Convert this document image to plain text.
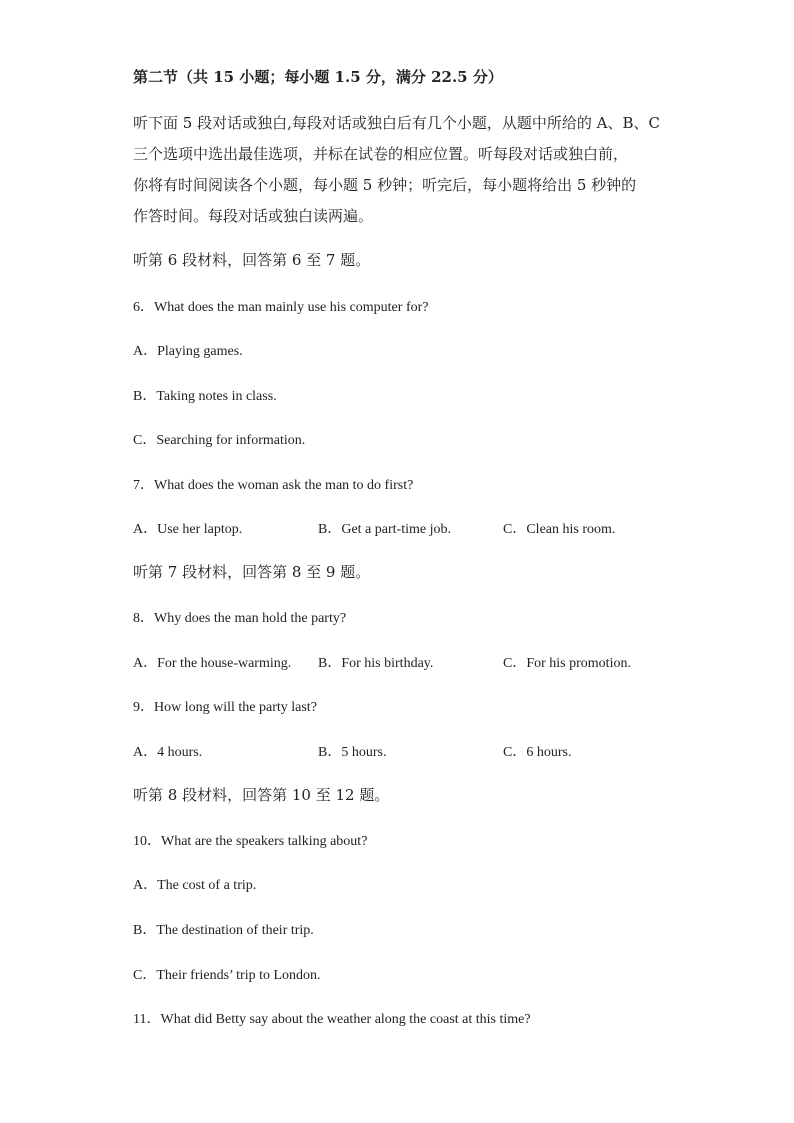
第二节（共 15 小题；每小题 1.5 分，满分 22.5 分）
听下面 5 段对话或独白,每段对话或独白后有几个小题，从题中所给的 A、B、C
三个选项中选出最佳选项，并标在试卷的相应位置。听每段对话或独白前，
你将有时间阅读各个小题，每小题 5 秒钟；听完后，每小题将给出 5 秒钟的
作答时间。每段对话或独白读两遍。
听第 6 段材料，回答第 6 至 7 题。
6．What does the man mainly use his computer for?
A．Playing games.
B．Taking notes in class.
C．Searching for information.
7．What does the woman ask the man to do first?
A．Use her laptop.	B．Get a part-time job.	C．Clean his room.
听第 7 段材料，回答第 8 至 9 题。
8．Why does the man hold the party?
A．For the house-warming. B．For his birthday.	C．For his promotion.
9．How long will the party last?
A．4 hours.	B．5 hours.	C．6 hours.
听第 8 段材料，回答第 10 至 12 题。
10．What are the speakers talking about?
A．The cost of a trip.
B．The destination of their trip.
C．Their friends’ trip to London.
11．What did Betty say about the weather along the coast at this time?
